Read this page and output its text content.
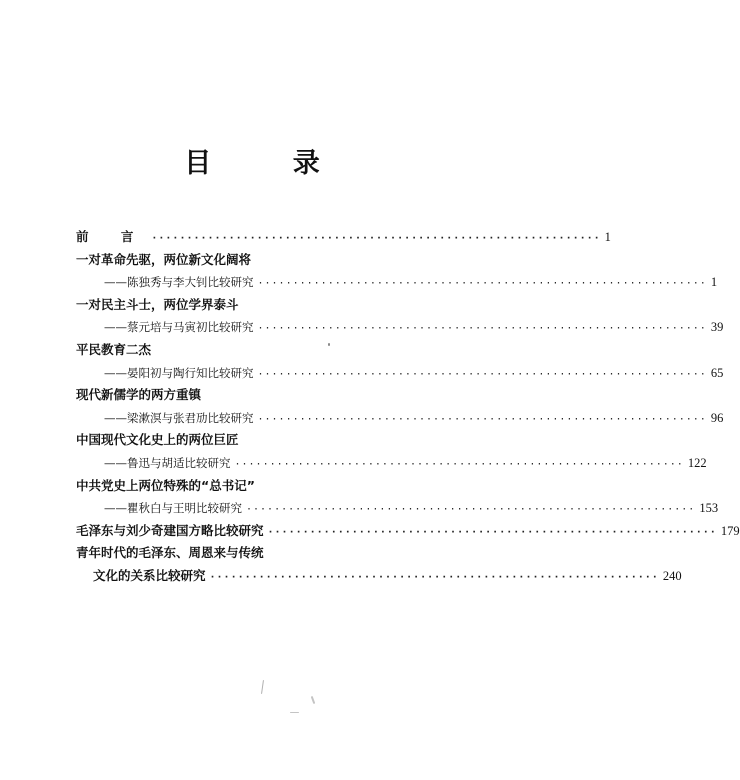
目 录
前 言 ································································ 1
一对革命先驱，两位新文化阔将
——陈独秀与李大钊比较研究 ································································ 1
一对民主斗士，两位学界泰斗
——蔡元培与马寅初比较研究 ································································ 39
平民教育二杰
——晏阳初与陶行知比较研究 ································································ 65
现代新儒学的两方重镇
——梁漱溟与张君劢比较研究 ································································ 96
中国现代文化史上的两位巨匠
——鲁迅与胡适比较研究 ································································ 122
中共党史上两位特殊的“总书记”
——瞿秋白与王明比较研究 ································································ 153
毛泽东与刘少奇建国方略比较研究 ································································ 179
青年时代的毛泽东、周恩来与传统
文化的关系比较研究 ································································ 240
